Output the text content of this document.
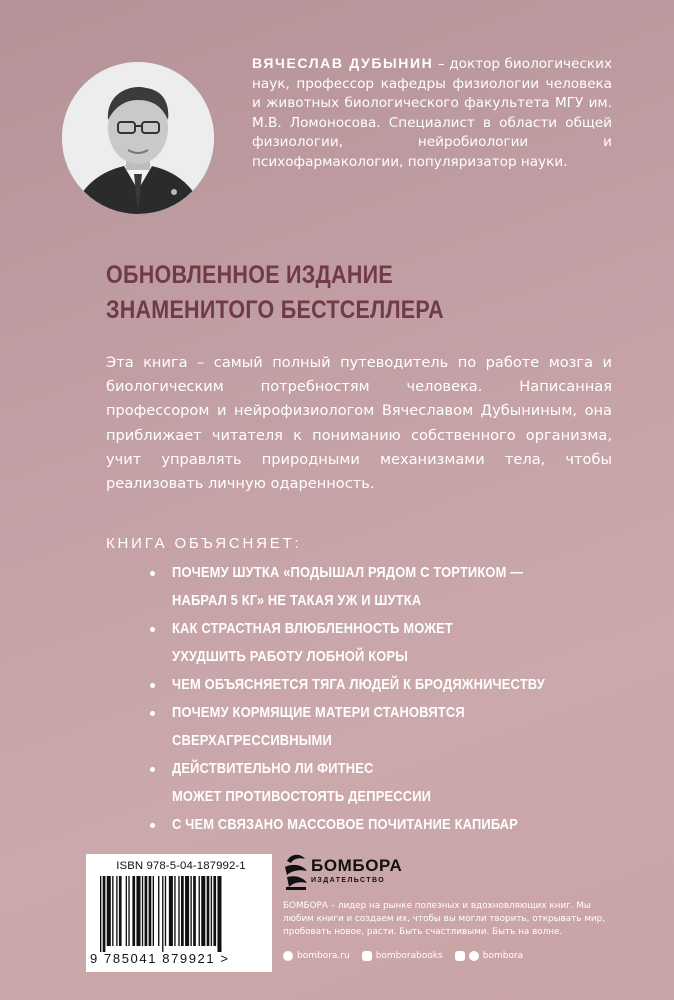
ВЯЧЕСЛАВ ДУБЫНИН – доктор биологических наук, профессор кафедры физиологии человека и животных биологического факультета МГУ им. М.В. Ломоносова. Специалист в области общей физиологии, нейробиологии и психофармакологии, популяризатор науки.
ОБНОВЛЕННОЕ ИЗДАНИЕ
ЗНАМЕНИТОГО БЕСТСЕЛЛЕРА
Эта книга – самый полный путеводитель по работе мозга и биологическим потребностям человека. Написанная профессором и нейрофизиологом Вячеславом Дубыниным, она приближает читателя к пониманию собственного организма, учит управлять природными механизмами тела, чтобы реализовать личную одаренность.
КНИГА ОБЪЯСНЯЕТ:
ПОЧЕМУ ШУТКА «ПОДЫШАЛ РЯДОМ С ТОРТИКОМ —
НАБРАЛ 5 КГ» НЕ ТАКАЯ УЖ И ШУТКА
КАК СТРАСТНАЯ ВЛЮБЛЕННОСТЬ МОЖЕТ
УХУДШИТЬ РАБОТУ ЛОБНОЙ КОРЫ
ЧЕМ ОБЪЯСНЯЕТСЯ ТЯГА ЛЮДЕЙ К БРОДЯЖНИЧЕСТВУ
ПОЧЕМУ КОРМЯЩИЕ МАТЕРИ СТАНОВЯТСЯ
СВЕРХАГРЕССИВНЫМИ
ДЕЙСТВИТЕЛЬНО ЛИ ФИТНЕС
МОЖЕТ ПРОТИВОСТОЯТЬ ДЕПРЕССИИ
С ЧЕМ СВЯЗАНО МАССОВОЕ ПОЧИТАНИЕ КАПИБАР
ISBN 978-5-04-187992-1
9 785041 879921 >
БОМБОРА
ИЗДАТЕЛЬСТВО
БОМБОРА – лидер на рынке полезных и вдохновляющих книг. Мы любим книги и создаем их, чтобы вы могли творить, открывать мир, пробовать новое, расти. Быть счастливыми. Быть на волне.
bombora.ru	bomborabooks	bombora
